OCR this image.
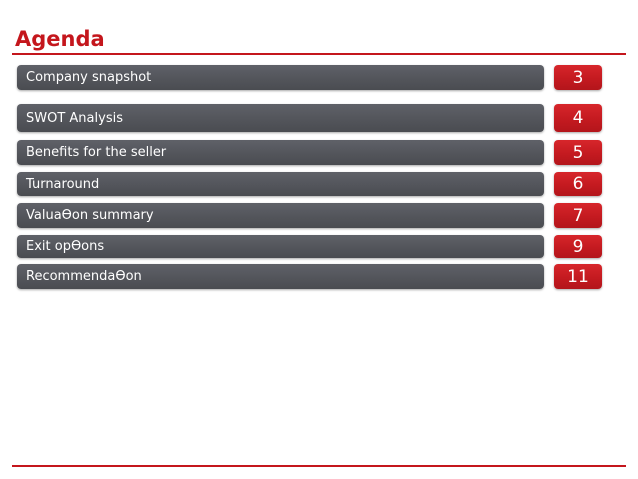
Agenda
Company snapshot	3
SWOT Analysis	4
Beneﬁts for the seller	5
Turnaround	6
ValuaƟon summary	7
Exit opƟons	9
RecommendaƟon	11
